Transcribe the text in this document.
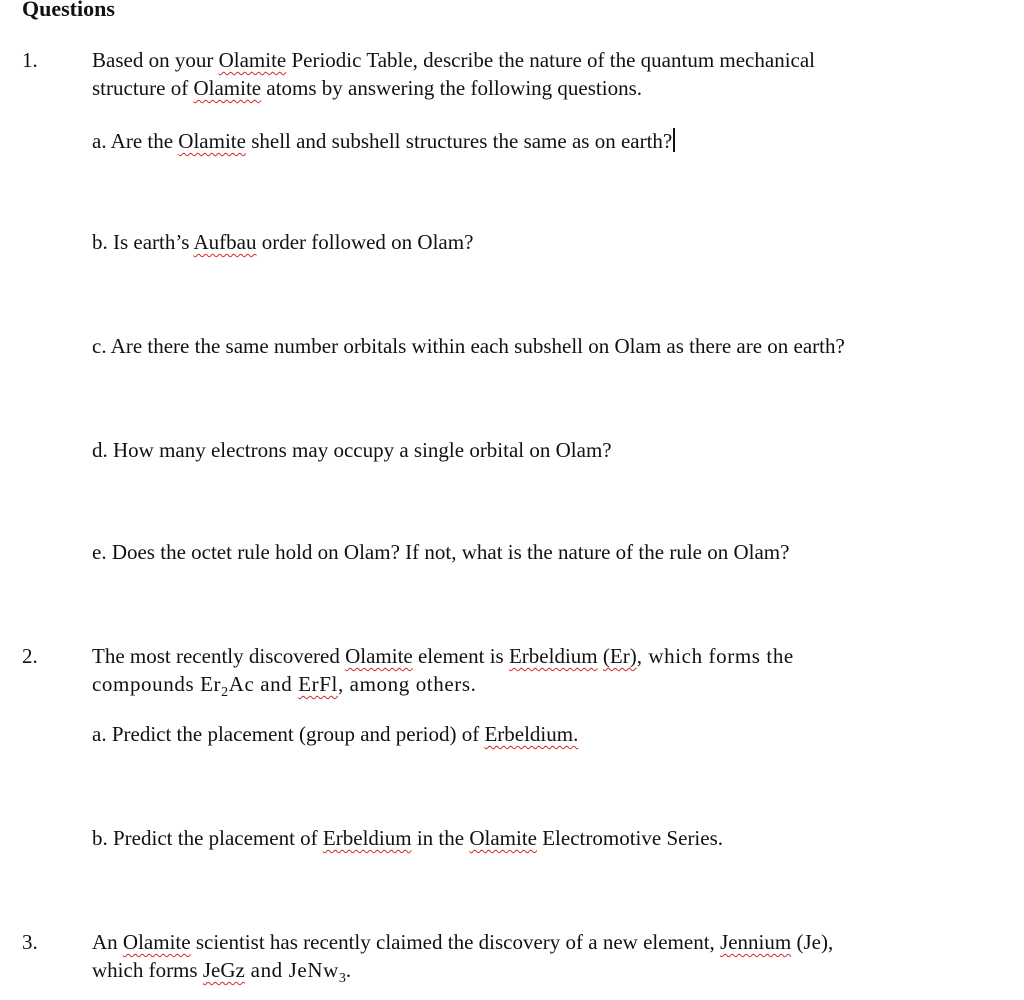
Questions
1.	Based on your Olamite Periodic Table, describe the nature of the quantum mechanical
structure of Olamite atoms by answering the following questions.
a. Are the Olamite shell and subshell structures the same as on earth?
b. Is earth’s Aufbau order followed on Olam?
c. Are there the same number orbitals within each subshell on Olam as there are on earth?
d. How many electrons may occupy a single orbital on Olam?
e. Does the octet rule hold on Olam? If not, what is the nature of the rule on Olam?
2.	The most recently discovered Olamite element is Erbeldium (Er), which forms the
compounds $Er_2Ac$ and ErFl, among others.
a. Predict the placement (group and period) of Erbeldium.
b. Predict the placement of Erbeldium in the Olamite Electromotive Series.
3.	An Olamite scientist has recently claimed the discovery of a new element, Jennium (Je),
which forms JeGz and JeNw$_3$.
